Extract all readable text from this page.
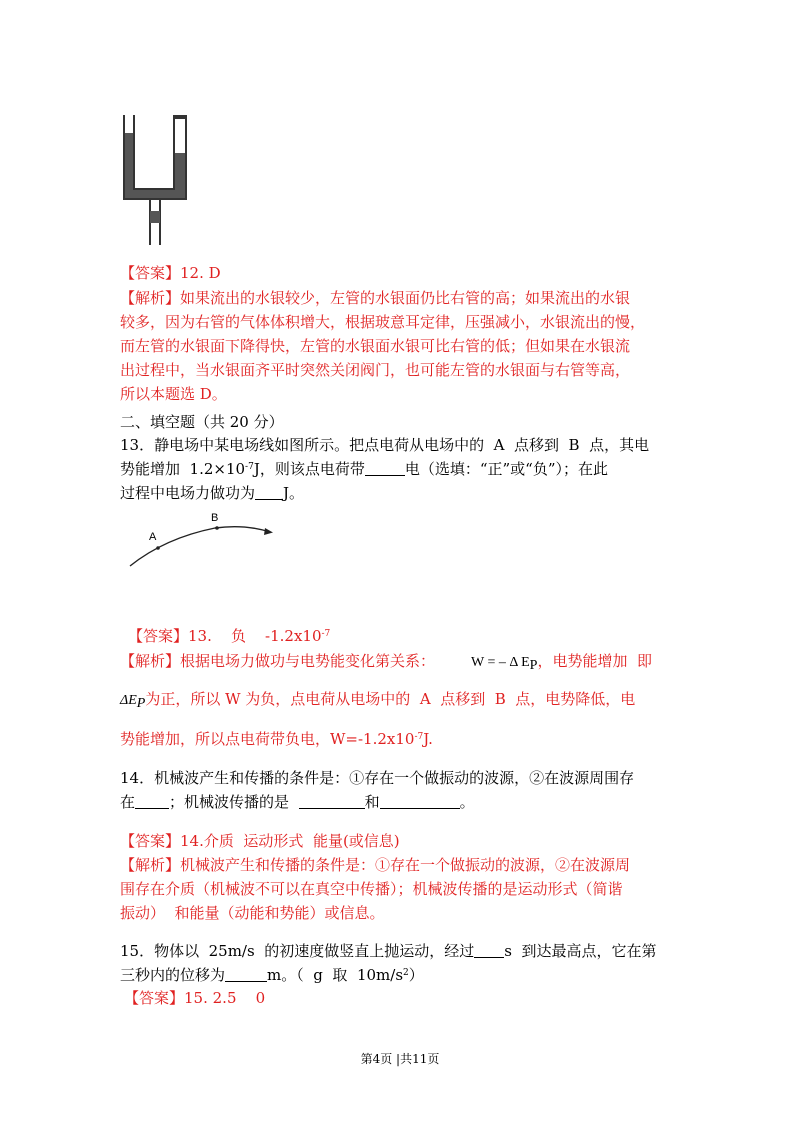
【答案】12. D
【解析】如果流出的水银较少，左管的水银面仍比右管的高；如果流出的水银
较多，因为右管的气体体积增大，根据玻意耳定律，压强减小，水银流出的慢，
而左管的水银面下降得快，左管的水银面水银可比右管的低；但如果在水银流
出过程中，当水银面齐平时突然关闭阀门，也可能左管的水银面与右管等高，
所以本题选 D。
二、填空题（共 20 分）
13．静电场中某电场线如图所示。把点电荷从电场中的  A  点移到  B  点，其电
势能增加  $1.2\times 10^{-7}J$，则该点电荷带	电（选填：“正”或“负”）；在此
过程中电场力做功为 J。
A
B
【答案】13.    负    $-1.2x10^{-7}$
【解析】根据电场力做功与电势能变化第关系：	W = – Δ $E_P$，电势能增加  即
$\Delta E_P$为正，所以 W 为负，点电荷从电场中的  A  点移到  B  点，电势降低，电
势能增加，所以点电荷带负电，$W=-1.2x10^{-7}J$.
14．机械波产生和传播的条件是：①存在一个做振动的波源，②在波源周围存
在 ；机械波传播的是	和	。
【答案】14.介质  运动形式  能量(或信息)
【解析】机械波产生和传播的条件是：①存在一个做振动的波源，②在波源周
围存在介质（机械波不可以在真空中传播）；机械波传播的是运动形式（简谐
振动）  和能量（动能和势能）或信息。
15．物体以  25m/s  的初速度做竖直上抛运动，经过 s  到达最高点，它在第
三秒内的位移为	m。（  g  取  $10m/s^2$）
【答案】15. 2.5    0
第4页 |共11页
